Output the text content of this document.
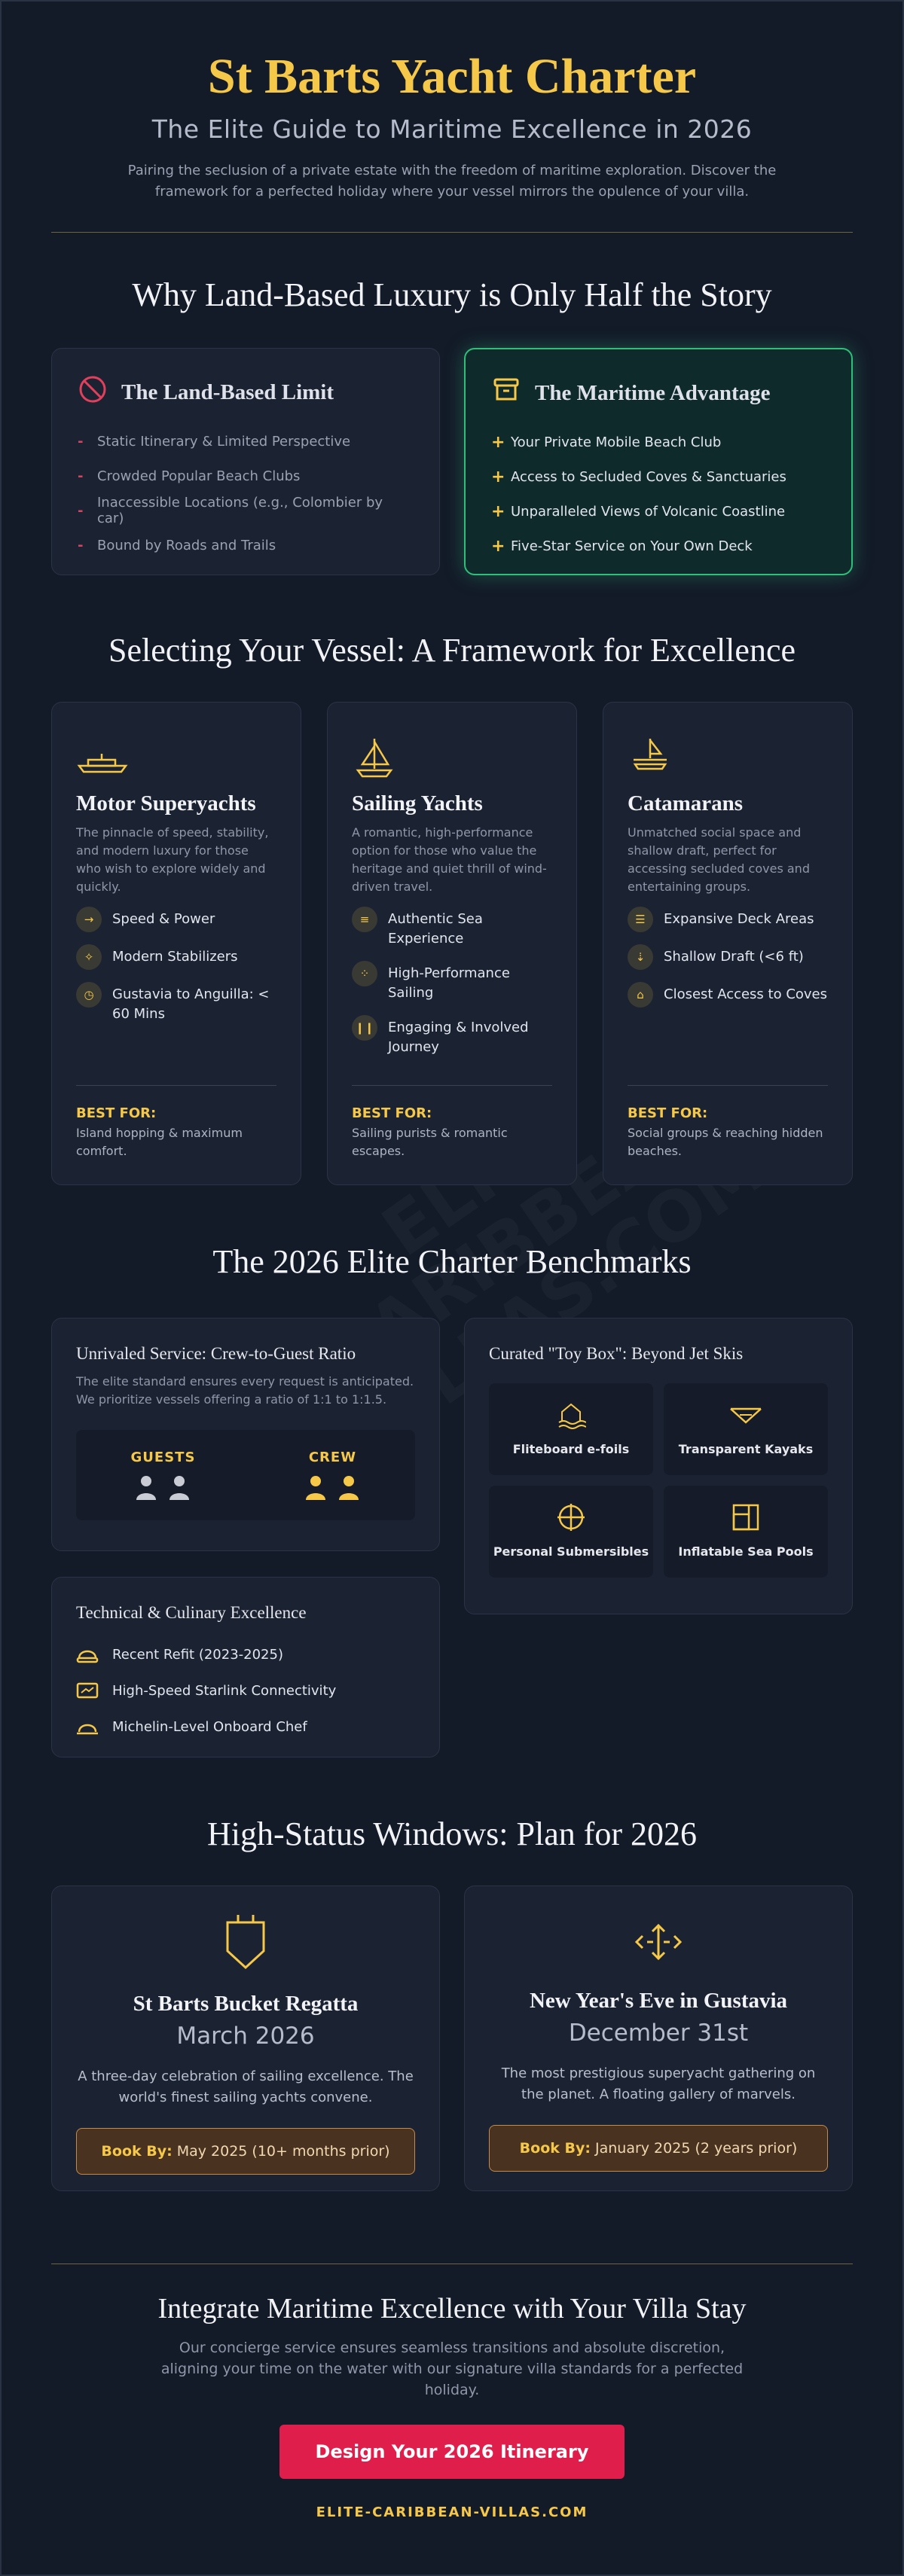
St Barts Yacht Charter
The Elite Guide to Maritime Excellence in 2026
Pairing the seclusion of a private estate with the freedom of maritime exploration. Discover the framework for a perfected holiday where your vessel mirrors the opulence of your villa.
Why Land-Based Luxury is Only Half the Story
The Land-Based Limit
- Static Itinerary & Limited Perspective
- Crowded Popular Beach Clubs
- Inaccessible Locations (e.g., Colombier by car)
- Bound by Roads and Trails
The Maritime Advantage
+ Your Private Mobile Beach Club
+ Access to Secluded Coves & Sanctuaries
+ Unparalleled Views of Volcanic Coastline
+ Five-Star Service on Your Own Deck
Selecting Your Vessel: A Framework for Excellence
Motor Superyachts
The pinnacle of speed, stability, and modern luxury for those who wish to explore widely and quickly.
→	Speed & Power
✧	Modern Stabilizers
◷	Gustavia to Anguilla: < 60 Mins
BEST FOR:
Island hopping & maximum comfort.
Sailing Yachts
A romantic, high-performance option for those who value the heritage and quiet thrill of wind-driven travel.
≡	Authentic Sea Experience
⁘	High-Performance Sailing
❙❙ Engaging & Involved Journey
BEST FOR:
Sailing purists & romantic escapes.
Catamarans
Unmatched social space and shallow draft, perfect for accessing secluded coves and entertaining groups.
☰	Expansive Deck Areas
⇣	Shallow Draft (<6 ft)
⌂	Closest Access to Coves
BEST FOR:
Social groups & reaching hidden beaches.
The 2026 Elite Charter Benchmarks
Unrivaled Service: Crew-to-Guest Ratio
The elite standard ensures every request is anticipated. We prioritize vessels offering a ratio of 1:1 to 1:1.5.
GUESTS	CREW
Technical & Culinary Excellence
Recent Refit (2023-2025)
High-Speed Starlink Connectivity
Michelin-Level Onboard Chef
Curated "Toy Box": Beyond Jet Skis
Fliteboard e-foils	Transparent Kayaks
Personal Submersibles Inflatable Sea Pools
High-Status Windows: Plan for 2026
St Barts Bucket Regatta
March 2026
A three-day celebration of sailing excellence. The world's finest sailing yachts convene.
Book By: May 2025 (10+ months prior)
New Year's Eve in Gustavia
December 31st
The most prestigious superyacht gathering on the planet. A floating gallery of marvels.
Book By: January 2025 (2 years prior)
Integrate Maritime Excellence with Your Villa Stay
Our concierge service ensures seamless transitions and absolute discretion, aligning your time on the water with our signature villa standards for a perfected holiday.
Design Your 2026 Itinerary
ELITE-CARIBBEAN-VILLAS.COM
